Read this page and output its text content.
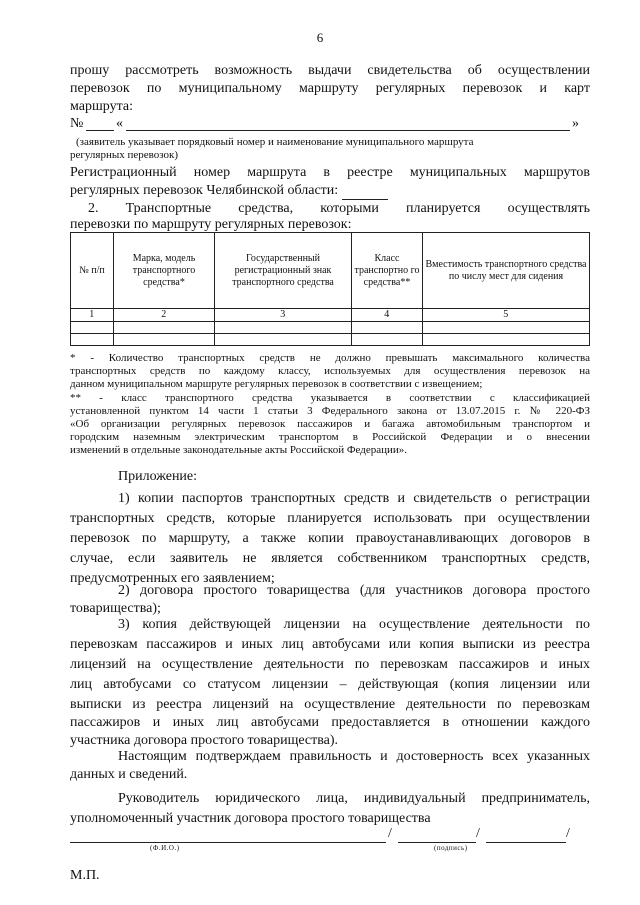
6
прошу рассмотреть возможность выдачи свидетельства об осуществлении
перевозок по муниципальному маршруту регулярных перевозок и карт
маршрута:
№ «	»
(заявитель указывает порядковый номер и наименование муниципального маршрута
регулярных перевозок)
Регистрационный номер маршрута в реестре муниципальных маршрутов
регулярных перевозок Челябинской области:
2. Транспортные средства, которыми планируется осуществлять
перевозки по маршруту регулярных перевозок:
№ п/п	Марка, модель транспортного средства*	Государственный регистрационный знак транспортного средства	Класс транспортно го средства**	Вместимость транспортного средства по числу мест для сидения
1	2	3	4	5

* - Количество транспортных средств не должно превышать максимального количества
транспортных средств по каждому классу, используемых для осуществления перевозок на
данном муниципальном маршруте регулярных перевозок в соответствии с извещением;
** - класс транспортного средства указывается в соответствии с классификацией
установленной пунктом 14 части 1 статьи 3 Федерального закона от 13.07.2015 г. № 220-ФЗ
«Об организации регулярных перевозок пассажиров и багажа автомобильным транспортом и
городским наземным электрическим транспортом в Российской Федерации и о внесении
изменений в отдельные законодательные акты Российской Федерации».
Приложение:
1) копии паспортов транспортных средств и свидетельств о регистрации
транспортных средств, которые планируется использовать при осуществлении
перевозок по маршруту, а также копии правоустанавливающих договоров в
случае, если заявитель не является собственником транспортных средств,
предусмотренных его заявлением;
2) договора простого товарищества (для участников договора простого
товарищества);
3) копия действующей лицензии на осуществление деятельности по
перевозкам пассажиров и иных лиц автобусами или копия выписки из реестра
лицензий на осуществление деятельности по перевозкам пассажиров и иных
лиц автобусами со статусом лицензии – действующая (копия лицензии или
выписки из реестра лицензий на осуществление деятельности по перевозкам
пассажиров и иных лиц автобусами предоставляется в отношении каждого
участника договора простого товарищества).
Настоящим подтверждаем правильность и достоверность всех указанных
данных и сведений.
Руководитель юридического лица, индивидуальный предприниматель,
уполномоченный участник договора простого товарищества
/	/	/
(Ф.И.О.)	(подпись)
М.П.
